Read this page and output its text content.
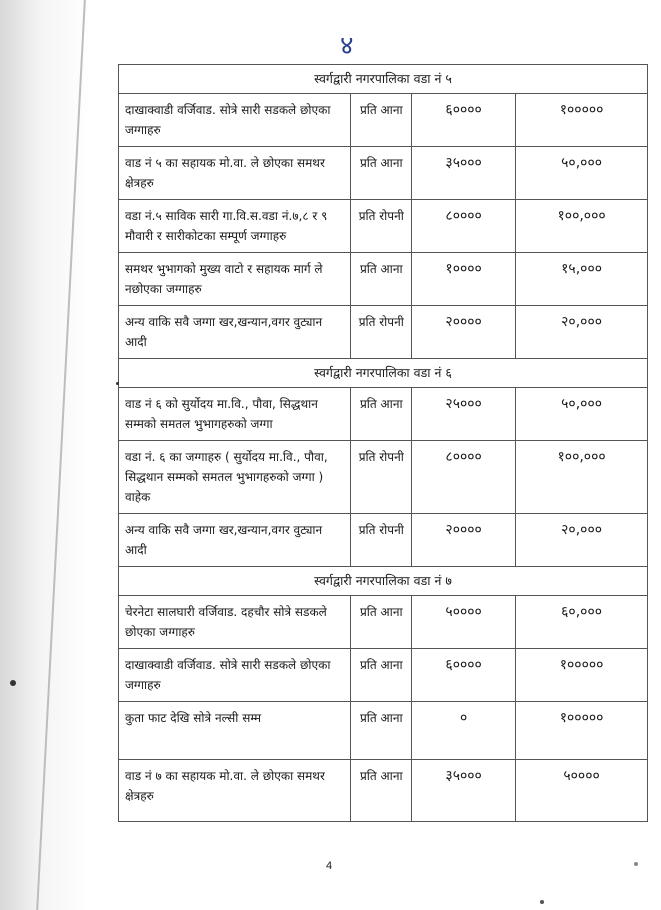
४
स्वर्गद्वारी नगरपालिका वडा नं ५			
दाखाक्वाडी वर्जिवाड. सोत्रे सारी सडकले छोएका जग्गाहरु	प्रति आना	६००००	१०००००
वाड नं ५ का सहायक मो.वा. ले छोएका समथर क्षेत्रहरु	प्रति आना	३५०००	५०,०००
वडा नं.५ साविक सारी गा.वि.स.वडा नं.७,८ र ९ मौवारी र सारीकोटका सम्पूर्ण जग्गाहरु	प्रति रोपनी	८००००	१००,०००
समथर भुभागको मुख्य वाटो र सहायक मार्ग ले नछोएका जग्गाहरु	प्रति आना	१००००	१५,०००
अन्य वाकि सवै जग्गा खर,खन्यान,वगर वुट्यान आदी	प्रति रोपनी	२००००	२०,०००
स्वर्गद्वारी नगरपालिका वडा नं ६			
वाड नं ६ को सुर्योदय मा.वि., पौवा, सिद्धथान सम्मको समतल भुभागहरुको जग्गा	प्रति आना	२५०००	५०,०००
वडा नं. ६ का जग्गाहरु ( सुर्योदय मा.वि., पौवा, सिद्धथान सम्मको समतल भुभागहरुको जग्गा ) वाहेक	प्रति रोपनी	८००००	१००,०००
अन्य वाकि सवै जग्गा खर,खन्यान,वगर वुट्यान आदी	प्रति रोपनी	२००००	२०,०००
स्वर्गद्वारी नगरपालिका वडा नं ७			
चेरनेटा सालघारी वर्जिवाड. दहचौर सोत्रे सडकले छोएका जग्गाहरु	प्रति आना	५००००	६०,०००
दाखाक्वाडी वर्जिवाड. सोत्रे सारी सडकले छोएका जग्गाहरु	प्रति आना	६००००	१०००००
कुता फाट देखि सोत्रे नल्सी सम्म	प्रति आना	०	१०००००
वाड नं ७ का सहायक मो.वा. ले छोएका समथर क्षेत्रहरु	प्रति आना	३५०००	५००००
4
